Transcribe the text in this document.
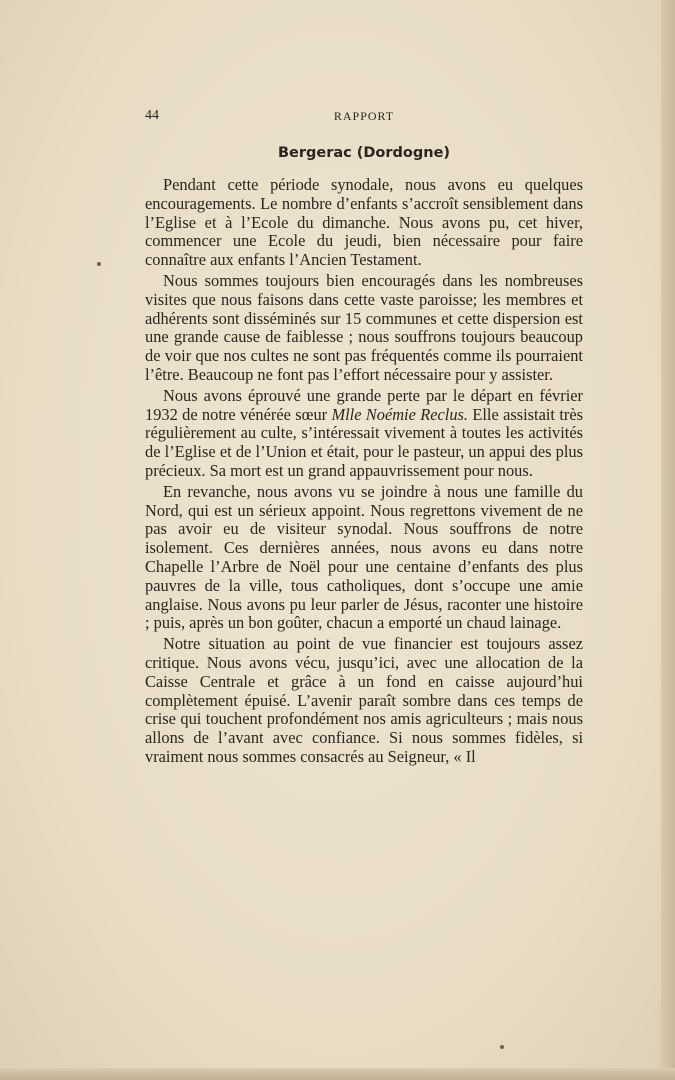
44	RAPPORT
Bergerac (Dordogne)

Pendant cette période synodale, nous avons eu quelques encouragements. Le nombre d’enfants s’accroît sensiblement dans l’Eglise et à l’Ecole du dimanche. Nous avons pu, cet hiver, commencer une Ecole du jeudi, bien nécessaire pour faire connaître aux enfants l’Ancien Testament.

Nous sommes toujours bien encouragés dans les nombreuses visites que nous faisons dans cette vaste paroisse; les membres et adhérents sont disséminés sur 15 communes et cette dispersion est une grande cause de faiblesse ; nous souffrons toujours beaucoup de voir que nos cultes ne sont pas fréquentés comme ils pourraient l’être. Beaucoup ne font pas l’effort nécessaire pour y assister.

Nous avons éprouvé une grande perte par le départ en février 1932 de notre vénérée sœur Mlle Noémie Reclus. Elle assistait très régulièrement au culte, s’intéressait vivement à toutes les activités de l’Eglise et de l’Union et était, pour le pasteur, un appui des plus précieux. Sa mort est un grand appauvrissement pour nous.

En revanche, nous avons vu se joindre à nous une famille du Nord, qui est un sérieux appoint. Nous regrettons vivement de ne pas avoir eu de visiteur synodal. Nous souffrons de notre isolement. Ces dernières années, nous avons eu dans notre Chapelle l’Arbre de Noël pour une centaine d’enfants des plus pauvres de la ville, tous catholiques, dont s’occupe une amie anglaise. Nous avons pu leur parler de Jésus, raconter une histoire ; puis, après un bon goûter, chacun a emporté un chaud lainage.

Notre situation au point de vue financier est toujours assez critique. Nous avons vécu, jusqu’ici, avec une allocation de la Caisse Centrale et grâce à un fond en caisse aujourd’hui complètement épuisé. L’avenir paraît sombre dans ces temps de crise qui touchent profondément nos amis agriculteurs ; mais nous allons de l’avant avec confiance. Si nous sommes fidèles, si vraiment nous sommes consacrés au Seigneur, « Il
